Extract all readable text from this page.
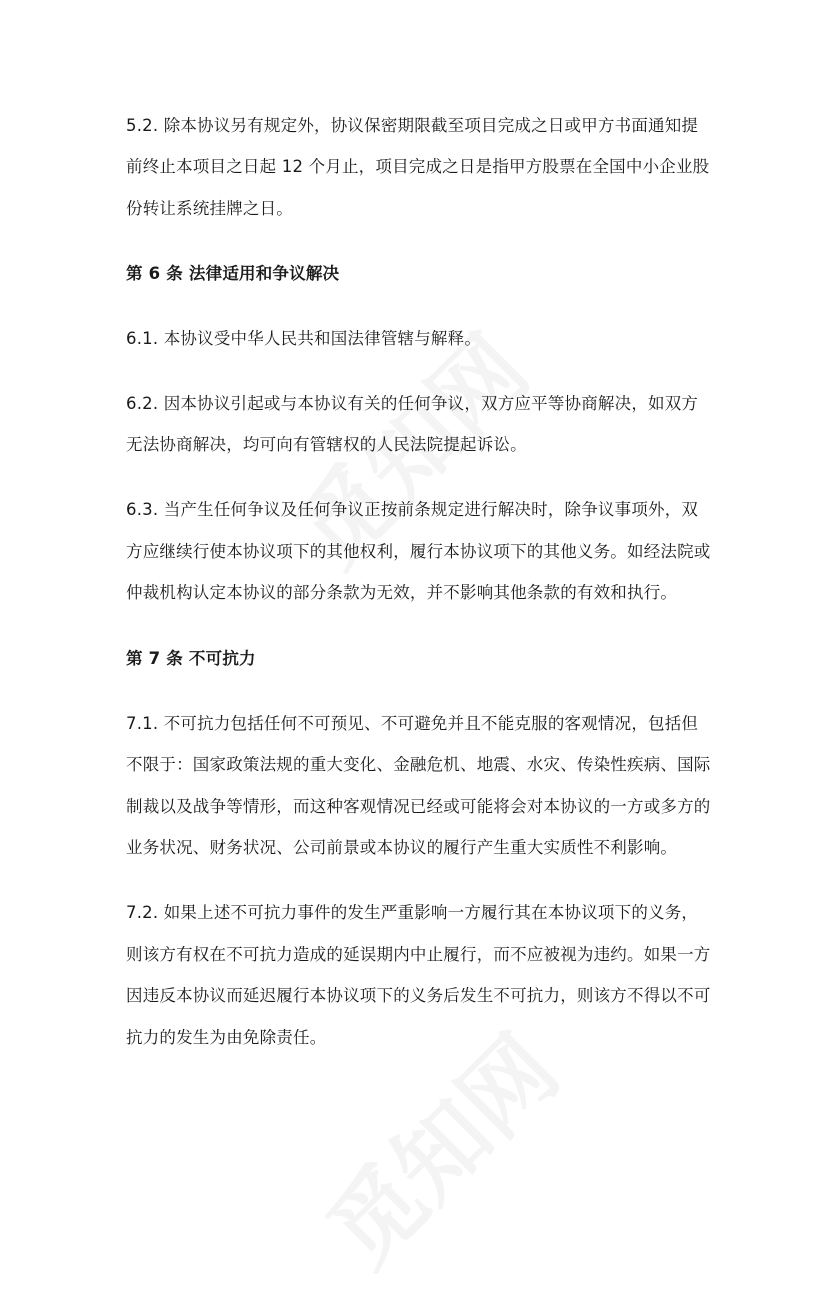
5.2. 除本协议另有规定外，协议保密期限截至项目完成之日或甲方书面通知提
前终止本项目之日起 12 个月止，项目完成之日是指甲方股票在全国中小企业股
份转让系统挂牌之日。
第 6 条 法律适用和争议解决
6.1. 本协议受中华人民共和国法律管辖与解释。
6.2. 因本协议引起或与本协议有关的任何争议，双方应平等协商解决，如双方
无法协商解决，均可向有管辖权的人民法院提起诉讼。
6.3. 当产生任何争议及任何争议正按前条规定进行解决时，除争议事项外，双
方应继续行使本协议项下的其他权利，履行本协议项下的其他义务。如经法院或
仲裁机构认定本协议的部分条款为无效，并不影响其他条款的有效和执行。
第 7 条 不可抗力
7.1. 不可抗力包括任何不可预见、不可避免并且不能克服的客观情况，包括但
不限于：国家政策法规的重大变化、金融危机、地震、水灾、传染性疾病、国际
制裁以及战争等情形，而这种客观情况已经或可能将会对本协议的一方或多方的
业务状况、财务状况、公司前景或本协议的履行产生重大实质性不利影响。
7.2. 如果上述不可抗力事件的发生严重影响一方履行其在本协议项下的义务，
则该方有权在不可抗力造成的延误期内中止履行，而不应被视为违约。如果一方
因违反本协议而延迟履行本协议项下的义务后发生不可抗力，则该方不得以不可
抗力的发生为由免除责任。
